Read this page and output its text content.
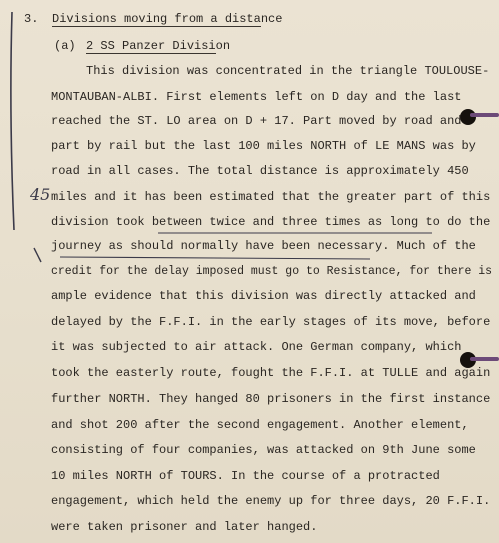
3. Divisions moving from a distance
(a) 2 SS Panzer Division
This division was concentrated in the triangle TOULOUSE-
MONTAUBAN-ALBI. First elements left on D day and the last
reached the ST. LO area on D + 17. Part moved by road and
part by rail but the last 100 miles NORTH of LE MANS was by
road in all cases. The total distance is approximately 450
45 miles and it has been estimated that the greater part of this
division took between twice and three times as long to do the
journey as should normally have been necessary. Much of the
credit for the delay imposed must go to Resistance, for there is
ample evidence that this division was directly attacked and
delayed by the F.F.I. in the early stages of its move, before
it was subjected to air attack. One German company, which
took the easterly route, fought the F.F.I. at TULLE and again
further NORTH. They hanged 80 prisoners in the first instance
and shot 200 after the second engagement. Another element,
consisting of four companies, was attacked on 9th June some
10 miles NORTH of TOURS. In the course of a protracted
engagement, which held the enemy up for three days, 20 F.F.I.
were taken prisoner and later hanged.
